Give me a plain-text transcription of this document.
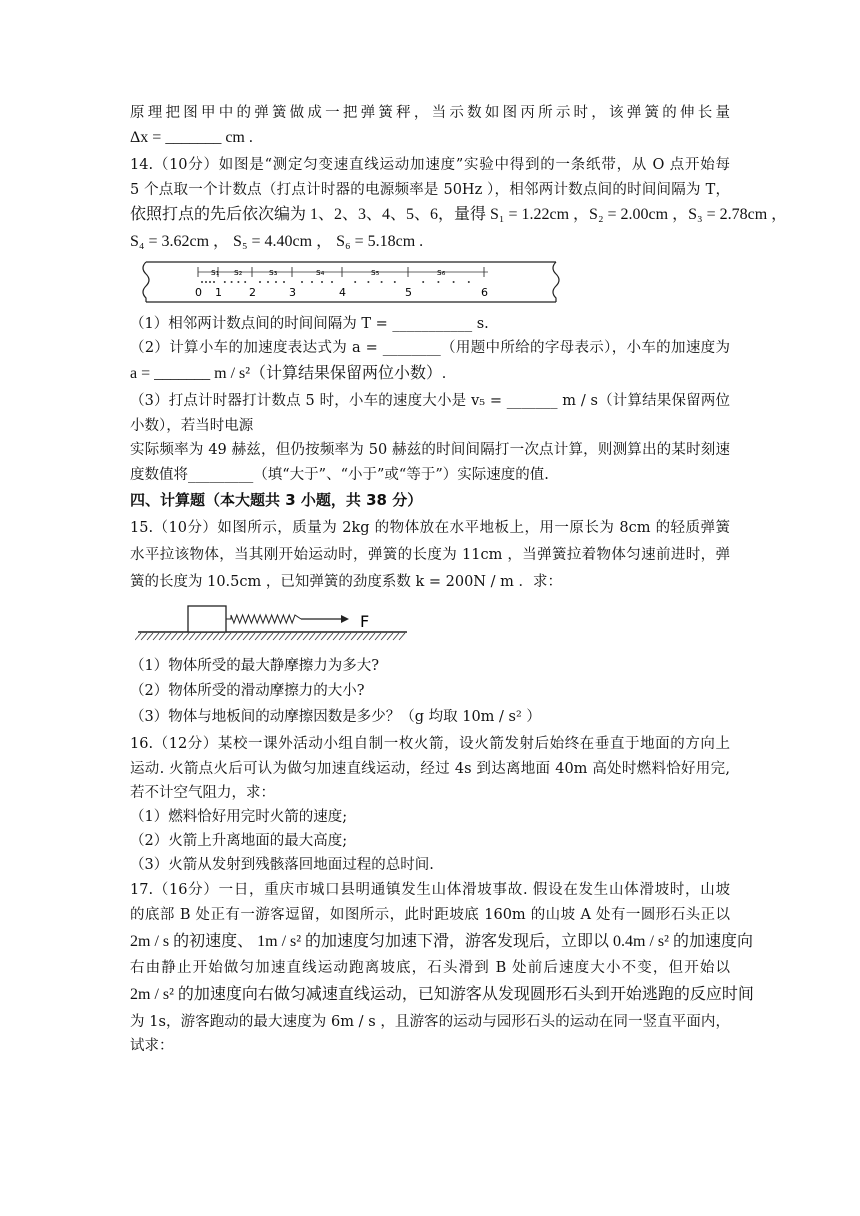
原理把图甲中的弹簧做成一把弹簧秤，当示数如图丙所示时，该弹簧的伸长量
Δx = _______ cm .
14.（10分）如图是“测定匀变速直线运动加速度”实验中得到的一条纸带，从 O 点开始每
5 个点取一个计数点（打点计时器的电源频率是 50Hz ），相邻两计数点间的时间间隔为 T，
依照打点的先后依次编为 1、2、3、4、5、6，量得 S₁ = 1.22cm ，S₂ = 2.00cm ，S₃ = 2.78cm ，
S₄ = 3.62cm ， S₅ = 4.40cm ， S₆ = 5.18cm .
s₁ s₂	s₃	s₄	s₅	s₆
0 1 2	3	4	5	6
（1）相邻两计数点间的时间间隔为 T = ___________ s.
（2）计算小车的加速度表达式为 a = ________（用题中所给的字母表示），小车的加速度为
a = _______ m / s²（计算结果保留两位小数）.
（3）打点计时器打计数点 5 时，小车的速度大小是 v₅ = _______ m / s（计算结果保留两位
小数），若当时电源
实际频率为 49 赫兹，但仍按频率为 50 赫兹的时间间隔打一次点计算，则测算出的某时刻速
度数值将_________（填“大于”、“小于”或“等于”）实际速度的值.
四、计算题（本大题共 3 小题，共 38 分）
15.（10分）如图所示，质量为 2kg 的物体放在水平地板上，用一原长为 8cm 的轻质弹簧
水平拉该物体，当其刚开始运动时，弹簧的长度为 11cm ，当弹簧拉着物体匀速前进时，弹
簧的长度为 10.5cm ，已知弹簧的劲度系数 k = 200N / m ．求：
F
（1）物体所受的最大静摩擦力为多大?
（2）物体所受的滑动摩擦力的大小?
（3）物体与地板间的动摩擦因数是多少？（g 均取 10m / s² ）
16.（12分）某校一课外活动小组自制一枚火箭，设火箭发射后始终在垂直于地面的方向上
运动. 火箭点火后可认为做匀加速直线运动，经过 4s 到达离地面 40m 高处时燃料恰好用完,
若不计空气阻力，求：
（1）燃料恰好用完时火箭的速度;
（2）火箭上升离地面的最大高度;
（3）火箭从发射到残骸落回地面过程的总时间.
17.（16分）一日，重庆市城口县明通镇发生山体滑坡事故. 假设在发生山体滑坡时，山坡
的底部 B 处正有一游客逗留，如图所示，此时距坡底 160m 的山坡 A 处有一圆形石头正以
2m / s 的初速度、 1m / s² 的加速度匀加速下滑，游客发现后，立即以 0.4m / s² 的加速度向
右由静止开始做匀加速直线运动跑离坡底，石头滑到 B 处前后速度大小不变，但开始以
2m / s² 的加速度向右做匀减速直线运动，已知游客从发现圆形石头到开始逃跑的反应时间
为 1s，游客跑动的最大速度为 6m / s ，且游客的运动与园形石头的运动在同一竖直平面内，
试求：
